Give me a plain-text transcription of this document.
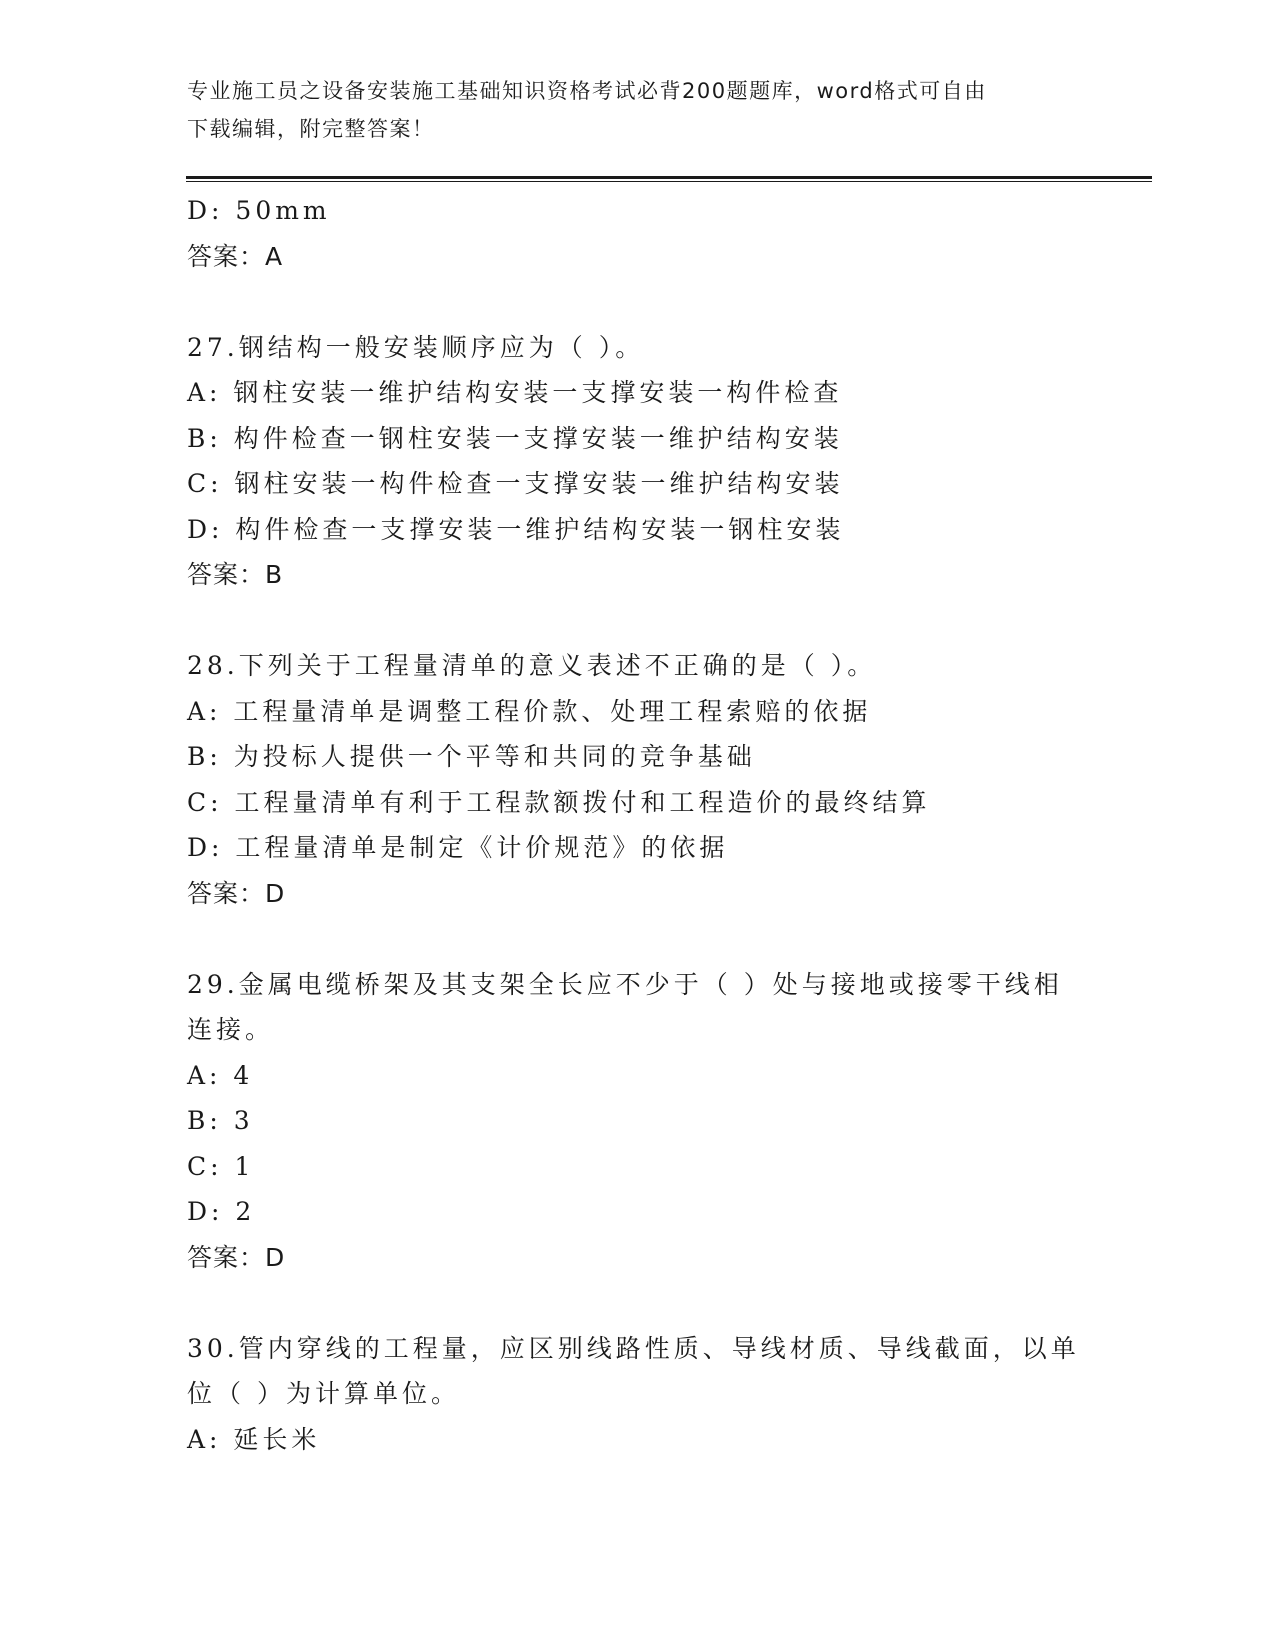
专业施工员之设备安装施工基础知识资格考试必背200题题库，word格式可自由
下载编辑，附完整答案！
D: 50mm
答案：A
27.钢结构一般安装顺序应为（ ）。
A: 钢柱安装一维护结构安装一支撑安装一构件检查
B: 构件检查一钢柱安装一支撑安装一维护结构安装
C: 钢柱安装一构件检查一支撑安装一维护结构安装
D: 构件检查一支撑安装一维护结构安装一钢柱安装
答案：B
28.下列关于工程量清单的意义表述不正确的是（ ）。
A: 工程量清单是调整工程价款、处理工程索赔的依据
B: 为投标人提供一个平等和共同的竞争基础
C: 工程量清单有利于工程款额拨付和工程造价的最终结算
D: 工程量清单是制定《计价规范》的依据
答案：D
29.金属电缆桥架及其支架全长应不少于（ ）处与接地或接零干线相
连接。
A: 4
B: 3
C: 1
D: 2
答案：D
30.管内穿线的工程量，应区别线路性质、导线材质、导线截面，以单
位（ ）为计算单位。
A: 延长米
